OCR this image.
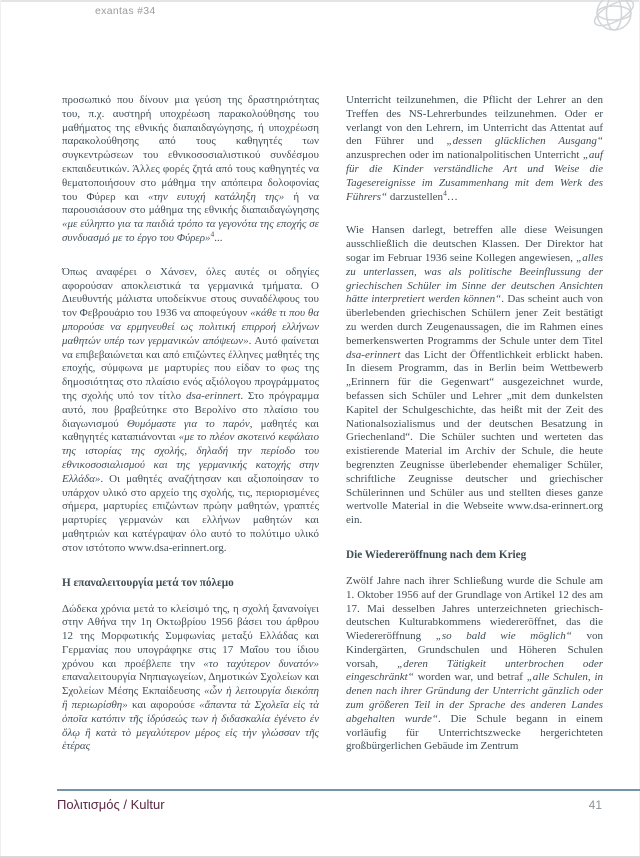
exantas #34

προσωπικό που δίνουν μια γεύση της δραστηριότητας του, π.χ. αυστηρή υποχρέωση παρακολούθησης του μαθήματος της εθνικής διαπαιδαγώγησης, ή υποχρέωση παρακολούθησης από τους καθηγητές των συγκεντρώσεων του εθνικοσοσιαλιστικού συνδέσμου εκπαιδευτικών. Άλλες φορές ζητά από τους καθηγητές να θεματοποιήσουν στο μάθημα την απόπειρα δολοφονίας του Φύρερ και «την ευτυχή κατάληξη της» ή να παρουσιάσουν στο μάθημα της εθνικής διαπαιδαγώγησης «με εύληπτο για τα παιδιά τρόπο τα γεγονότα της εποχής σε συνδυασμό με το έργο του Φύρερ»$^4$...

Όπως αναφέρει ο Χάνσεν, όλες αυτές οι οδηγίες αφορούσαν αποκλειστικά τα γερμανικά τμήματα. Ο Διευθυντής μάλιστα υποδείκνυε στους συναδέλφους του τον Φεβρουάριο του 1936 να αποφεύγουν «κάθε τι που θα μπορούσε να ερμηνευθεί ως πολιτική επιρροή ελλήνων μαθητών υπέρ των γερμανικών απόψεων». Αυτό φαίνεται να επιβεβαιώνεται και από επιζώντες έλληνες μαθητές της εποχής, σύμφωνα με μαρτυρίες που είδαν το φως της δημοσιότητας στο πλαίσιο ενός αξιόλογου προγράμματος της σχολής υπό τον τίτλο dsa-erinnert. Στο πρόγραμμα αυτό, που βραβεύτηκε στο Βερολίνο στο πλαίσιο του διαγωνισμού Θυμόμαστε για το παρόν, μαθητές και καθηγητές καταπιάνονται «με το πλέον σκοτεινό κεφάλαιο της ιστορίας της σχολής, δηλαδή την περίοδο του εθνικοσοσιαλισμού και της γερμανικής κατοχής στην Ελλάδα». Οι μαθητές αναζήτησαν και αξιοποίησαν το υπάρχον υλικό στο αρχείο της σχολής, τις, περιορισμένες σήμερα, μαρτυρίες επιζώντων πρώην μαθητών, γραπτές μαρτυρίες γερμανών και ελλήνων μαθητών και μαθητριών και κατέγραψαν όλο αυτό το πολύτιμο υλικό στον ιστότοπο www.dsa-erinnert.org.

Η επαναλειτουργία μετά τον πόλεμο

Δώδεκα χρόνια μετά το κλείσιμό της, η σχολή ξανανοίγει στην Αθήνα την 1η Οκτωβρίου 1956 βάσει του άρθρου 12 της Μορφωτικής Συμφωνίας μεταξύ Ελλάδας και Γερμανίας που υπογράφηκε στις 17 Μαΐου του ίδιου χρόνου και προέβλεπε την «το ταχύτερον δυνατόν» επαναλειτουργία Νηπιαγωγείων, Δημοτικών Σχολείων και Σχολείων Μέσης Εκπαίδευσης «ὧν ἡ λειτουργία διεκόπη ἢ περιωρίσθη» και αφορούσε «ἅπαντα τὰ Σχολεῖα εἰς τὰ ὁποῖα κατόπιν τῆς ἱδρύσεώς των ἡ διδασκαλία ἐγένετο ἐν ὅλῳ ἢ κατὰ τὸ μεγαλύτερον μέρος εἰς τὴν γλώσσαν τῆς ἑτέρας

Unterricht teilzunehmen, die Pflicht der Lehrer an den Treffen des NS-Lehrerbundes teilzunehmen. Oder er verlangt von den Lehrern, im Unterricht das Attentat auf den Führer und „dessen glücklichen Ausgang“ anzusprechen oder im nationalpolitischen Unterricht „auf für die Kinder verständliche Art und Weise die Tagesereignisse im Zusammenhang mit dem Werk des Führers“ darzustellen$^4$…

Wie Hansen darlegt, betreffen alle diese Weisungen ausschließlich die deutschen Klassen. Der Direktor hat sogar im Februar 1936 seine Kollegen angewiesen, „alles zu unterlassen, was als politische Beeinflussung der griechischen Schüler im Sinne der deutschen Ansichten hätte interpretiert werden können“. Das scheint auch von überlebenden griechischen Schülern jener Zeit bestätigt zu werden durch Zeugenaussagen, die im Rahmen eines bemerkenswerten Programms der Schule unter dem Titel dsa-erinnert das Licht der Öffentlichkeit erblickt haben. In diesem Programm, das in Berlin beim Wettbewerb „Erinnern für die Gegenwart“ ausgezeichnet wurde, befassen sich Schüler und Lehrer „mit dem dunkelsten Kapitel der Schulgeschichte, das heißt mit der Zeit des Nationalsozialismus und der deutschen Besatzung in Griechenland“. Die Schüler suchten und werteten das existierende Material im Archiv der Schule, die heute begrenzten Zeugnisse überlebender ehemaliger Schüler, schriftliche Zeugnisse deutscher und griechischer Schülerinnen und Schüler aus und stellten dieses ganze wertvolle Material in die Webseite www.dsa-erinnert.org ein.

Die Wiedereröffnung nach dem Krieg

Zwölf Jahre nach ihrer Schließung wurde die Schule am 1. Oktober 1956 auf der Grundlage von Artikel 12 des am 17. Mai desselben Jahres unterzeichneten griechisch-deutschen Kulturabkommens wiedereröffnet, das die Wiedereröffnung „so bald wie möglich“ von Kindergärten, Grundschulen und Höheren Schulen vorsah, „deren Tätigkeit unterbrochen oder eingeschränkt“ worden war, und betraf „alle Schulen, in denen nach ihrer Gründung der Unterricht gänzlich oder zum größeren Teil in der Sprache des anderen Landes abgehalten wurde“. Die Schule begann in einem vorläufig für Unterrichtszwecke hergerichteten großbürgerlichen Gebäude im Zentrum

Πολιτισμός / Kultur	41
